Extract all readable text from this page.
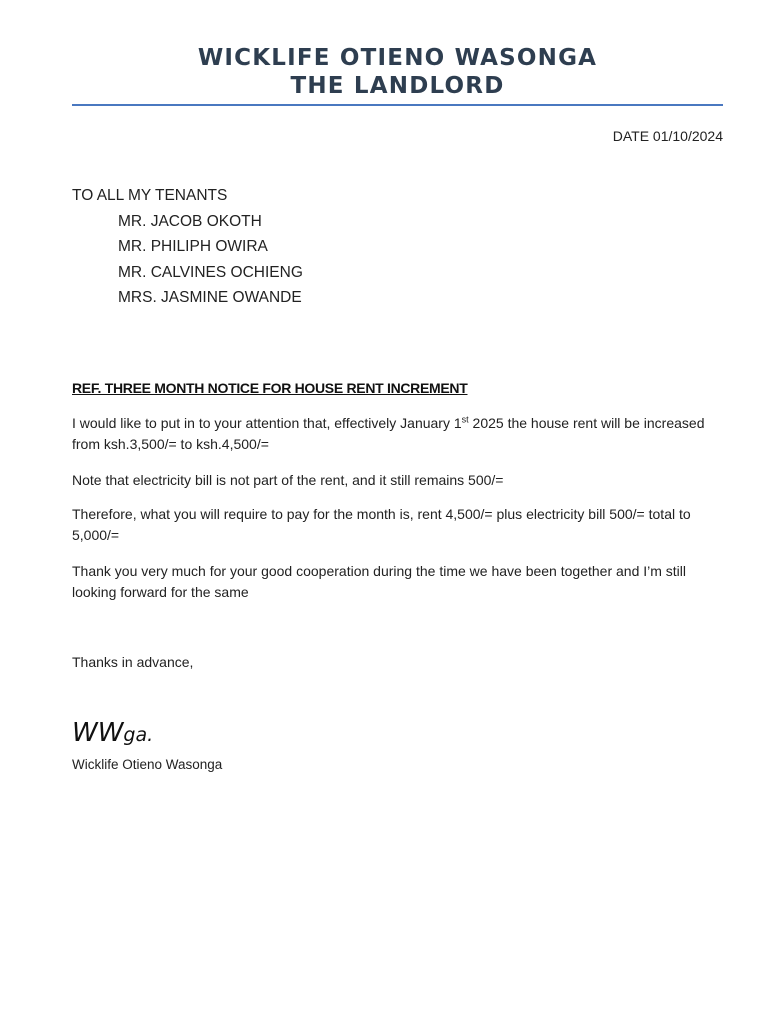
WICKLIFE OTIENO WASONGA
THE LANDLORD
DATE 01/10/2024
TO ALL MY TENANTS
MR. JACOB OKOTH
MR. PHILIPH OWIRA
MR. CALVINES OCHIENG
MRS. JASMINE OWANDE
REF. THREE MONTH NOTICE FOR HOUSE RENT INCREMENT
I would like to put in to your attention that, effectively January 1st 2025 the house rent will be increased from ksh.3,500/= to ksh.4,500/=
Note that electricity bill is not part of the rent, and it still remains 500/=
Therefore, what you will require to pay for the month is, rent 4,500/= plus electricity bill 500/= total to 5,000/=
Thank you very much for your good cooperation during the time we have been together and I’m still looking forward for the same
Thanks in advance,
WWga.
Wicklife Otieno Wasonga
